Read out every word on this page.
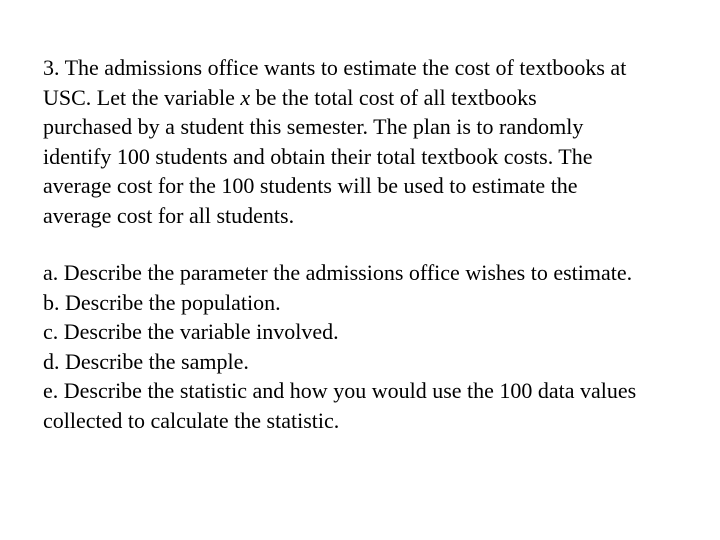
3. The admissions office wants to estimate the cost of textbooks at
USC. Let the variable x be the total cost of all textbooks
purchased by a student this semester. The plan is to randomly
identify 100 students and obtain their total textbook costs. The
average cost for the 100 students will be used to estimate the
average cost for all students.
a. Describe the parameter the admissions office wishes to estimate.
b. Describe the population.
c. Describe the variable involved.
d. Describe the sample.
e. Describe the statistic and how you would use the 100 data values
collected to calculate the statistic.
